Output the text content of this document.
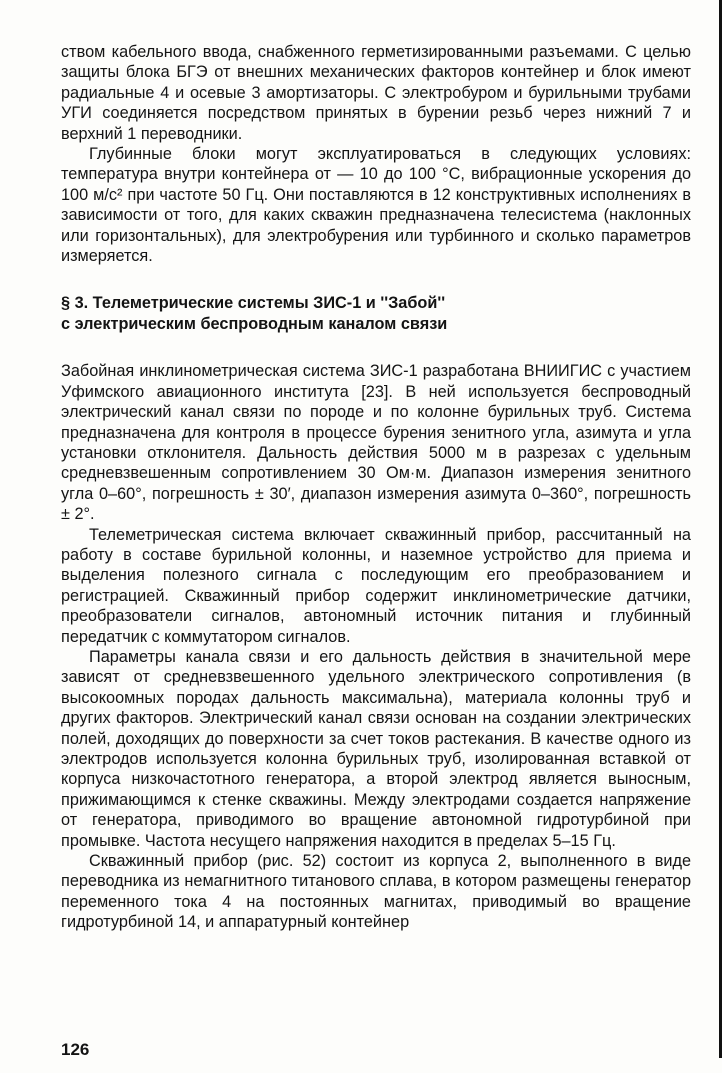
ством кабельного ввода, снабженного герметизированными разъемами. С целью защиты блока БГЭ от внешних механических факторов контейнер и блок имеют радиальные 4 и осевые 3 амортизаторы. С электробуром и бурильными трубами УГИ соединяется посредством принятых в бурении резьб через нижний 7 и верхний 1 переводники.

Глубинные блоки могут эксплуатироваться в следующих условиях: температура внутри контейнера от — 10 до 100 °С, вибрационные ускорения до 100 м/с² при частоте 50 Гц. Они поставляются в 12 конструктивных исполнениях в зависимости от того, для каких скважин предназначена телесистема (наклонных или горизонтальных), для электробурения или турбинного и сколько параметров измеряется.

§ 3. Телеметрические системы ЗИС-1 и ''Забой''
с электрическим беспроводным каналом связи

Забойная инклинометрическая система ЗИС-1 разработана ВНИИГИС с участием Уфимского авиационного института [23]. В ней используется беспроводный электрический канал связи по породе и по колонне бурильных труб. Система предназначена для контроля в процессе бурения зенитного угла, азимута и угла установки отклонителя. Дальность действия 5000 м в разрезах с удельным средневзвешенным сопротивлением 30 Ом·м. Диапазон измерения зенитного угла 0–60°, погрешность ± 30′, диапазон измерения азимута 0–360°, погрешность ± 2°.

Телеметрическая система включает скважинный прибор, рассчитанный на работу в составе бурильной колонны, и наземное устройство для приема и выделения полезного сигнала с последующим его преобразованием и регистрацией. Скважинный прибор содержит инклинометрические датчики, преобразователи сигналов, автономный источник питания и глубинный передатчик с коммутатором сигналов.

Параметры канала связи и его дальность действия в значительной мере зависят от средневзвешенного удельного электрического сопротивления (в высокоомных породах дальность максимальна), материала колонны труб и других факторов. Электрический канал связи основан на создании электрических полей, доходящих до поверхности за счет токов растекания. В качестве одного из электродов используется колонна бурильных труб, изолированная вставкой от корпуса низкочастотного генератора, а второй электрод является выносным, прижимающимся к стенке скважины. Между электродами создается напряжение от генератора, приводимого во вращение автономной гидротурбиной при промывке. Частота несущего напряжения находится в пределах 5–15 Гц.

Скважинный прибор (рис. 52) состоит из корпуса 2, выполненного в виде переводника из немагнитного титанового сплава, в котором размещены генератор переменного тока 4 на постоянных магнитах, приводимый во вращение гидротурбиной 14, и аппаратурный контейнер

126
